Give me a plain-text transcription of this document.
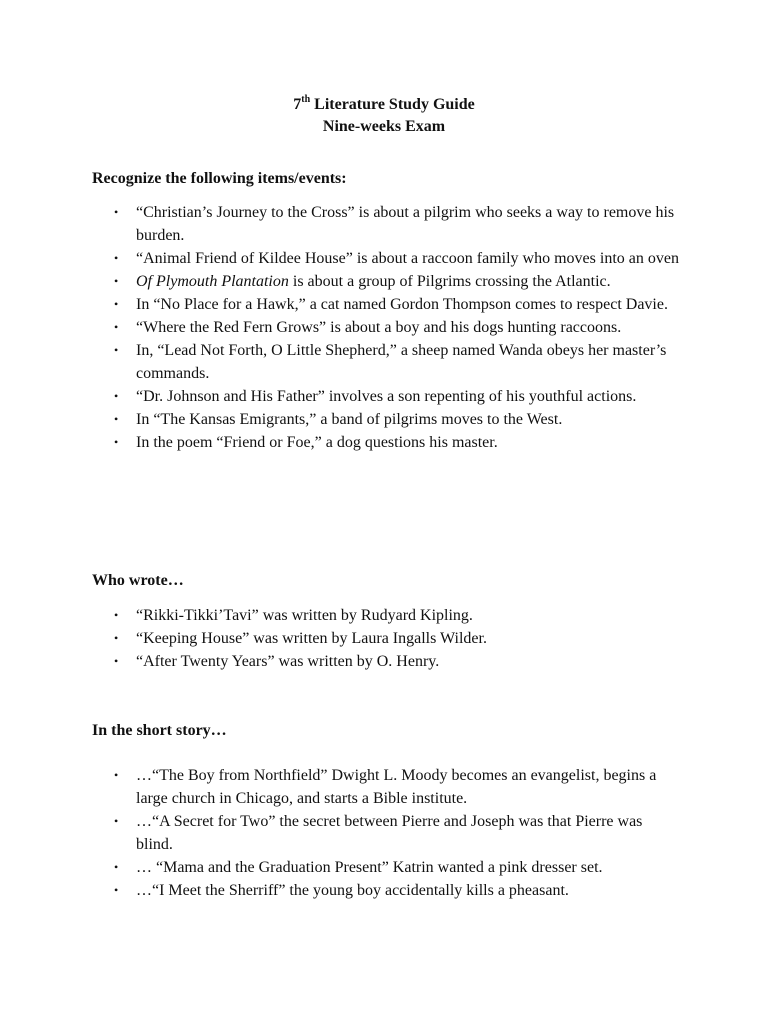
7th Literature Study Guide
Nine-weeks Exam
Recognize the following items/events:
• “Christian’s Journey to the Cross” is about a pilgrim who seeks a way to remove his burden.
• “Animal Friend of Kildee House” is about a raccoon family who moves into an oven
• Of Plymouth Plantation is about a group of Pilgrims crossing the Atlantic.
• In “No Place for a Hawk,” a cat named Gordon Thompson comes to respect Davie.
• “Where the Red Fern Grows” is about a boy and his dogs hunting raccoons.
• In, “Lead Not Forth, O Little Shepherd,” a sheep named Wanda obeys her master’s commands.
• “Dr. Johnson and His Father” involves a son repenting of his youthful actions.
• In “The Kansas Emigrants,” a band of pilgrims moves to the West.
• In the poem “Friend or Foe,” a dog questions his master.
Who wrote…
• “Rikki-Tikki’Tavi” was written by Rudyard Kipling.
• “Keeping House” was written by Laura Ingalls Wilder.
• “After Twenty Years” was written by O. Henry.
In the short story…
• …“The Boy from Northfield” Dwight L. Moody becomes an evangelist, begins a large church in Chicago, and starts a Bible institute.
• …“A Secret for Two” the secret between Pierre and Joseph was that Pierre was blind.
• … “Mama and the Graduation Present” Katrin wanted a pink dresser set.
• …“I Meet the Sherriff” the young boy accidentally kills a pheasant.
